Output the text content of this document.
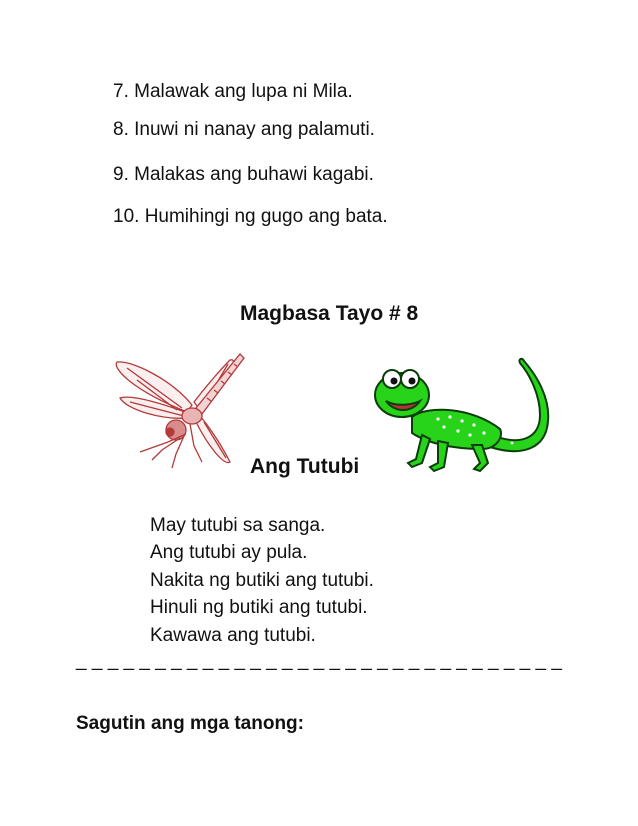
7. Malawak ang lupa ni Mila.
8. Inuwi ni nanay ang palamuti.
9. Malakas ang buhawi kagabi.
10. Humihingi ng gugo ang bata.
Magbasa Tayo # 8
Ang Tutubi
May tutubi sa sanga.
Ang tutubi ay pula.
Nakita ng butiki ang tutubi.
Hinuli ng butiki ang tutubi.
Kawawa ang tutubi.
_ _ _ _ _ _ _ _ _ _ _ _ _ _ _ _ _ _ _ _ _ _ _ _ _ _ _ _ _ _ _
Sagutin ang mga tanong:
